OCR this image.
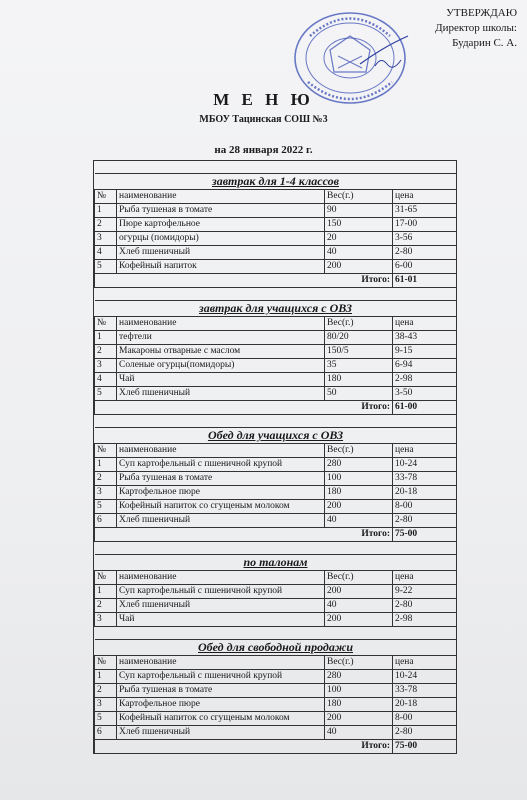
УТВЕРЖДАЮ
Директор школы:
Бударин С. А.
М Е Н Ю
МБОУ Тацинская СОШ №3
на 28 января 2022 г.

завтрак для 1-4 классов			
№	наименование	Вес(г.)	цена
1	Рыба тушеная в томате	90	31-65
2	Пюре картофельное	150	17-00
3	огурцы (помидоры)	20	3-56
4	Хлеб пшеничный	40	2-80
5	Кофейный напиток	200	6-00
		Итого:	61-01

завтрак для учащихся с ОВЗ			
№	наименование	Вес(г.)	цена
1	тефтели	80/20	38-43
2	Макароны отварные с маслом	150/5	9-15
3	Соленые огурцы(помидоры)	35	6-94
4	Чай	180	2-98
5	Хлеб пшеничный	50	3-50
		Итого:	61-00

Обед для учащихся с ОВЗ			
№	наименование	Вес(г.)	цена
1	Суп картофельный с пшеничной крупой	280	10-24
2	Рыба тушеная в томате	100	33-78
3	Картофельное пюре	180	20-18
5	Кофейный напиток со сгущеным молоком	200	8-00
6	Хлеб пшеничный	40	2-80
		Итого:	75-00

по талонам			
№	наименование	Вес(г.)	цена
1	Суп картофельный с пшеничной крупой	200	9-22
2	Хлеб пшеничный	40	2-80
3	Чай	200	2-98

Обед для свободной продажи			
№	наименование	Вес(г.)	цена
1	Суп картофельный с пшеничной крупой	280	10-24
2	Рыба тушеная в томате	100	33-78
3	Картофельное пюре	180	20-18
5	Кофейный напиток со сгущеным молоком	200	8-00
6	Хлеб пшеничный	40	2-80
		Итого:	75-00
